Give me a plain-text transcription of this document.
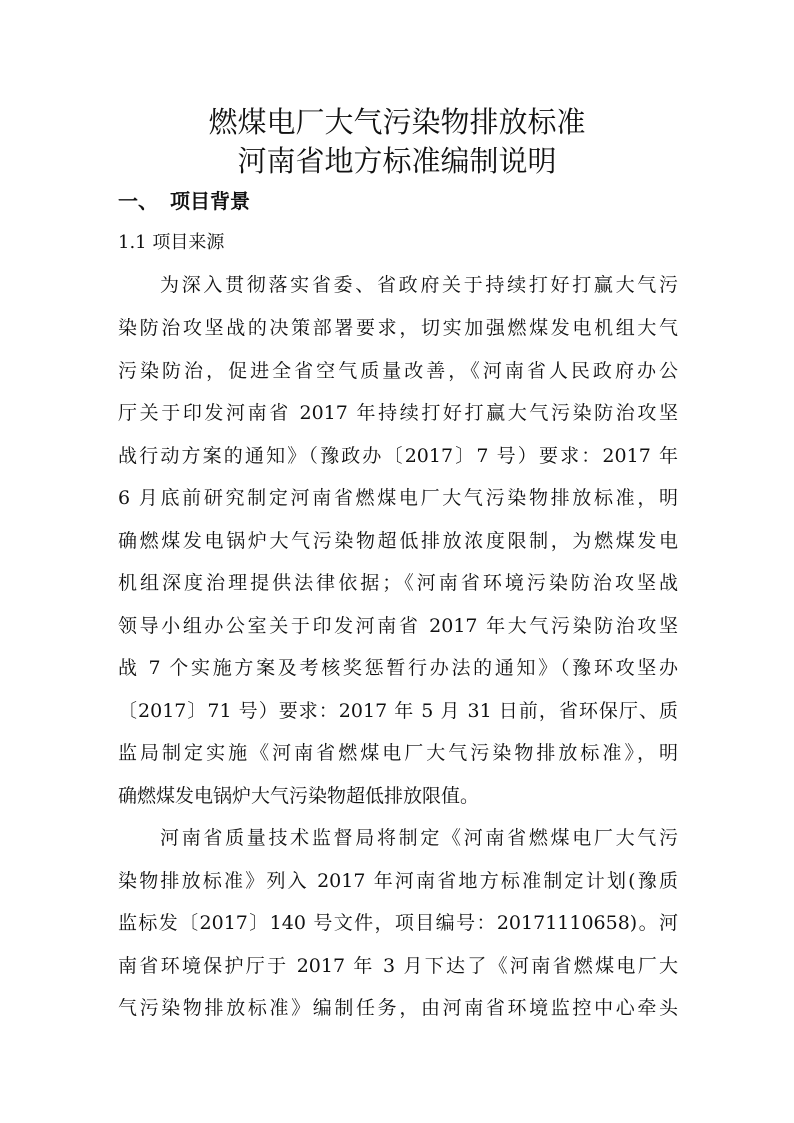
燃煤电厂大气污染物排放标准
河南省地方标准编制说明
一、 项目背景
1.1 项目来源
为深入贯彻落实省委、省政府关于持续打好打赢大气污
染防治攻坚战的决策部署要求，切实加强燃煤发电机组大气
污染防治，促进全省空气质量改善，《河南省人民政府办公
厅关于印发河南省 2017 年持续打好打赢大气污染防治攻坚
战行动方案的通知》（豫政办〔2017〕7 号）要求：2017 年
6 月底前研究制定河南省燃煤电厂大气污染物排放标准，明
确燃煤发电锅炉大气污染物超低排放浓度限制，为燃煤发电
机组深度治理提供法律依据；《河南省环境污染防治攻坚战
领导小组办公室关于印发河南省 2017 年大气污染防治攻坚
战 7 个实施方案及考核奖惩暂行办法的通知》（豫环攻坚办
〔2017〕71 号）要求：2017 年 5 月 31 日前，省环保厅、质
监局制定实施《河南省燃煤电厂大气污染物排放标准》，明
确燃煤发电锅炉大气污染物超低排放限值。
河南省质量技术监督局将制定《河南省燃煤电厂大气污
染物排放标准》列入 2017 年河南省地方标准制定计划(豫质
监标发〔2017〕140 号文件，项目编号：20171110658)。河
南省环境保护厅于 2017 年 3 月下达了《河南省燃煤电厂大
气污染物排放标准》编制任务，由河南省环境监控中心牵头
